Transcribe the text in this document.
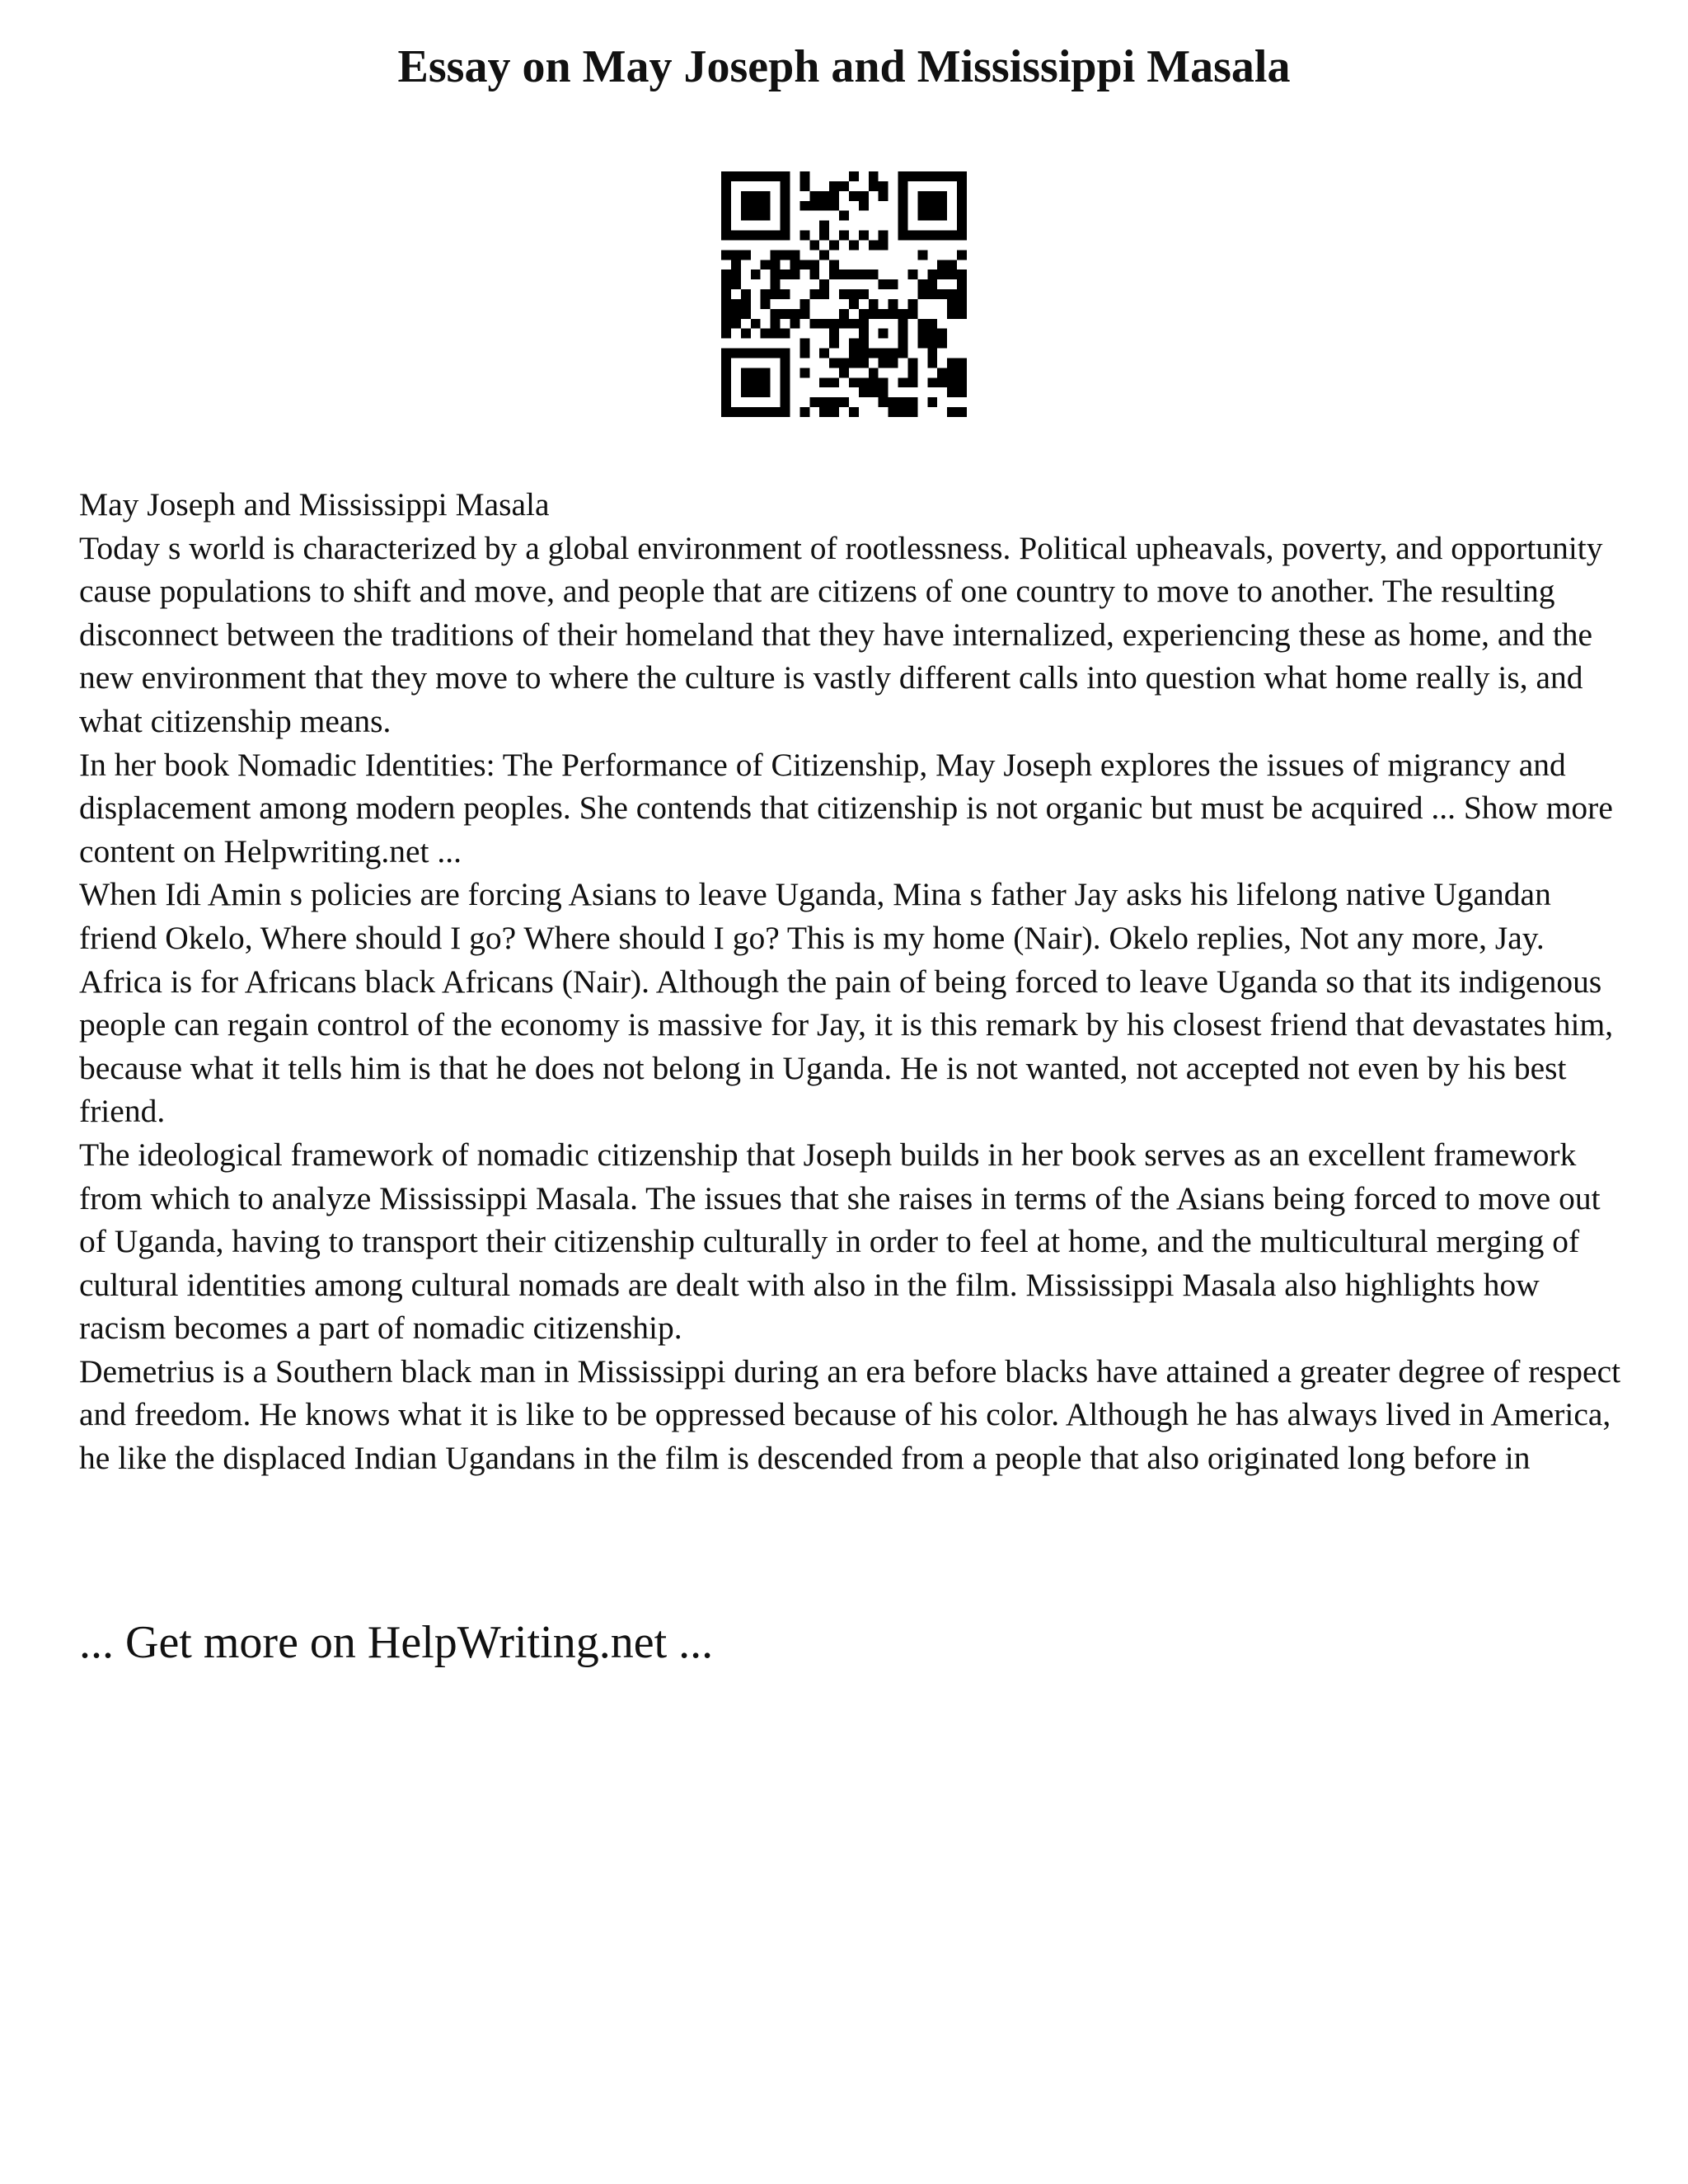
Essay on May Joseph and Mississippi Masala

May Joseph and Mississippi Masala

Today s world is characterized by a global environment of rootlessness. Political upheavals, poverty, and opportunity cause populations to shift and move, and people that are citizens of one country to move to another. The resulting disconnect between the traditions of their homeland that they have internalized, experiencing these as home, and the new environment that they move to where the culture is vastly different calls into question what home really is, and what citizenship means.

In her book Nomadic Identities: The Performance of Citizenship, May Joseph explores the issues of migrancy and displacement among modern peoples. She contends that citizenship is not organic but must be acquired ... Show more content on Helpwriting.net ...

When Idi Amin s policies are forcing Asians to leave Uganda, Mina s father Jay asks his lifelong native Ugandan friend Okelo, Where should I go? Where should I go? This is my home (Nair). Okelo replies, Not any more, Jay. Africa is for Africans black Africans (Nair). Although the pain of being forced to leave Uganda so that its indigenous people can regain control of the economy is massive for Jay, it is this remark by his closest friend that devastates him, because what it tells him is that he does not belong in Uganda. He is not wanted, not accepted not even by his best friend.

The ideological framework of nomadic citizenship that Joseph builds in her book serves as an excellent framework from which to analyze Mississippi Masala. The issues that she raises in terms of the Asians being forced to move out of Uganda, having to transport their citizenship culturally in order to feel at home, and the multicultural merging of cultural identities among cultural nomads are dealt with also in the film. Mississippi Masala also highlights how racism becomes a part of nomadic citizenship.

Demetrius is a Southern black man in Mississippi during an era before blacks have attained a greater degree of respect and freedom. He knows what it is like to be oppressed because of his color. Although he has always lived in America, he like the displaced Indian Ugandans in the film is descended from a people that also originated long before in

... Get more on HelpWriting.net ...
